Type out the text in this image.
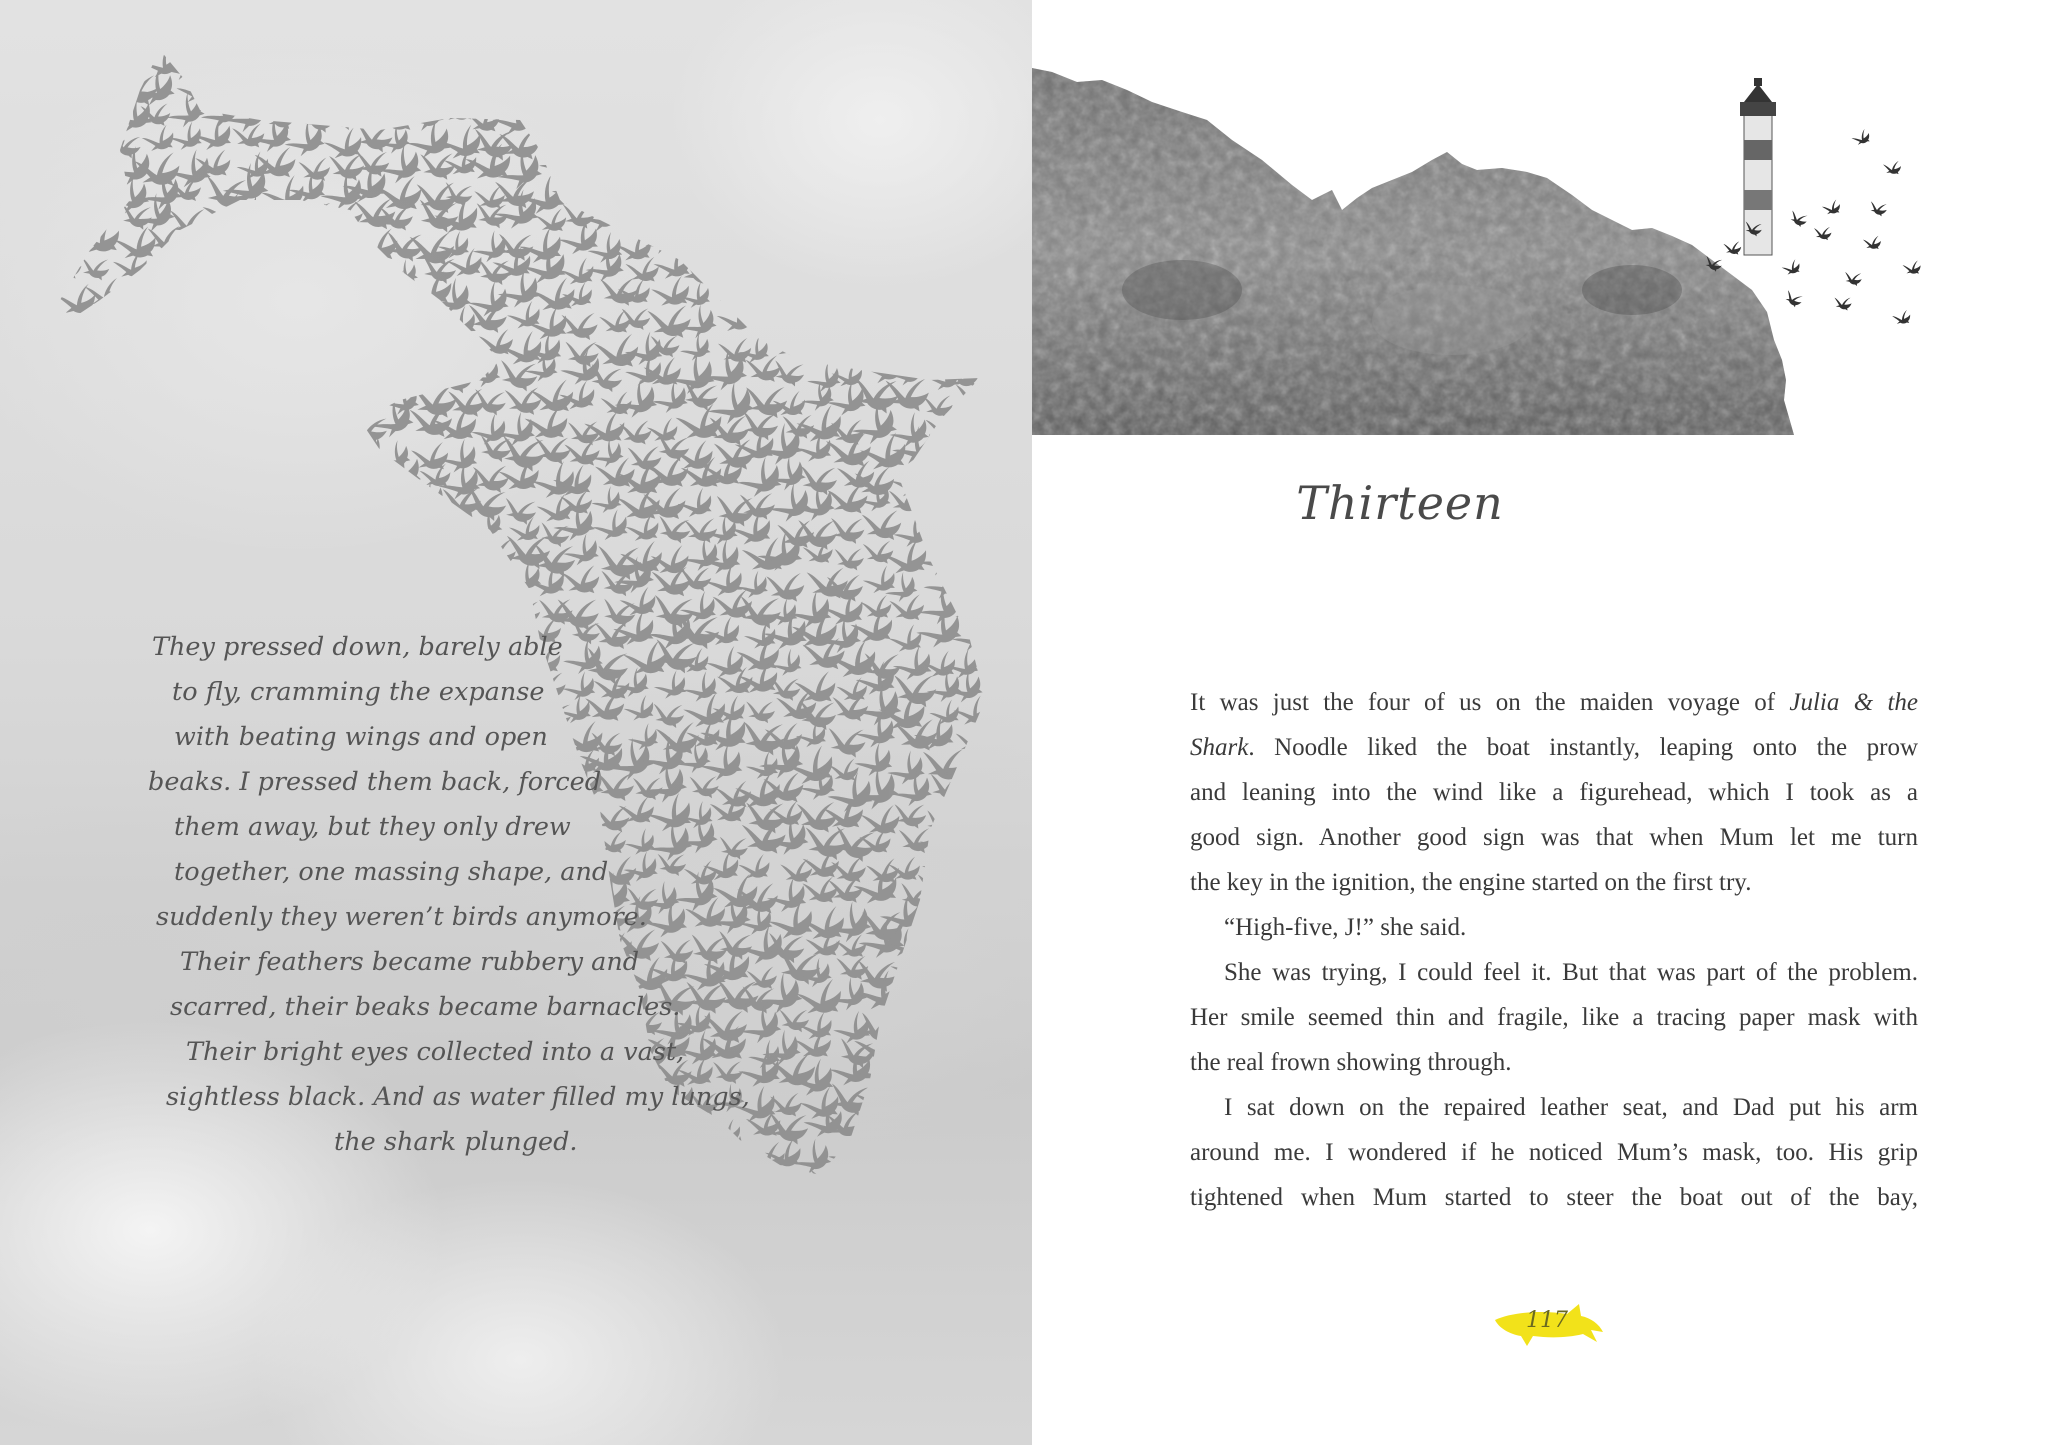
They pressed down, barely able
to fly, cramming the expanse
with beating wings and open
beaks. I pressed them back, forced
them away, but they only drew
together, one massing shape, and
suddenly they weren’t birds anymore.
Their feathers became rubbery and
scarred, their beaks became barnacles.
Their bright eyes collected into a vast,
sightless black. And as water filled my lungs,
the shark plunged.
Thirteen
It was just the four of us on the maiden voyage of Julia & the
Shark. Noodle liked the boat instantly, leaping onto the prow
and leaning into the wind like a figurehead, which I took as a
good sign. Another good sign was that when Mum let me turn
the key in the ignition, the engine started on the first try.
“High-five, J!” she said.
She was trying, I could feel it. But that was part of the problem.
Her smile seemed thin and fragile, like a tracing paper mask with
the real frown showing through.
I sat down on the repaired leather seat, and Dad put his arm
around me. I wondered if he noticed Mum’s mask, too. His grip
tightened when Mum started to steer the boat out of the bay,
117
